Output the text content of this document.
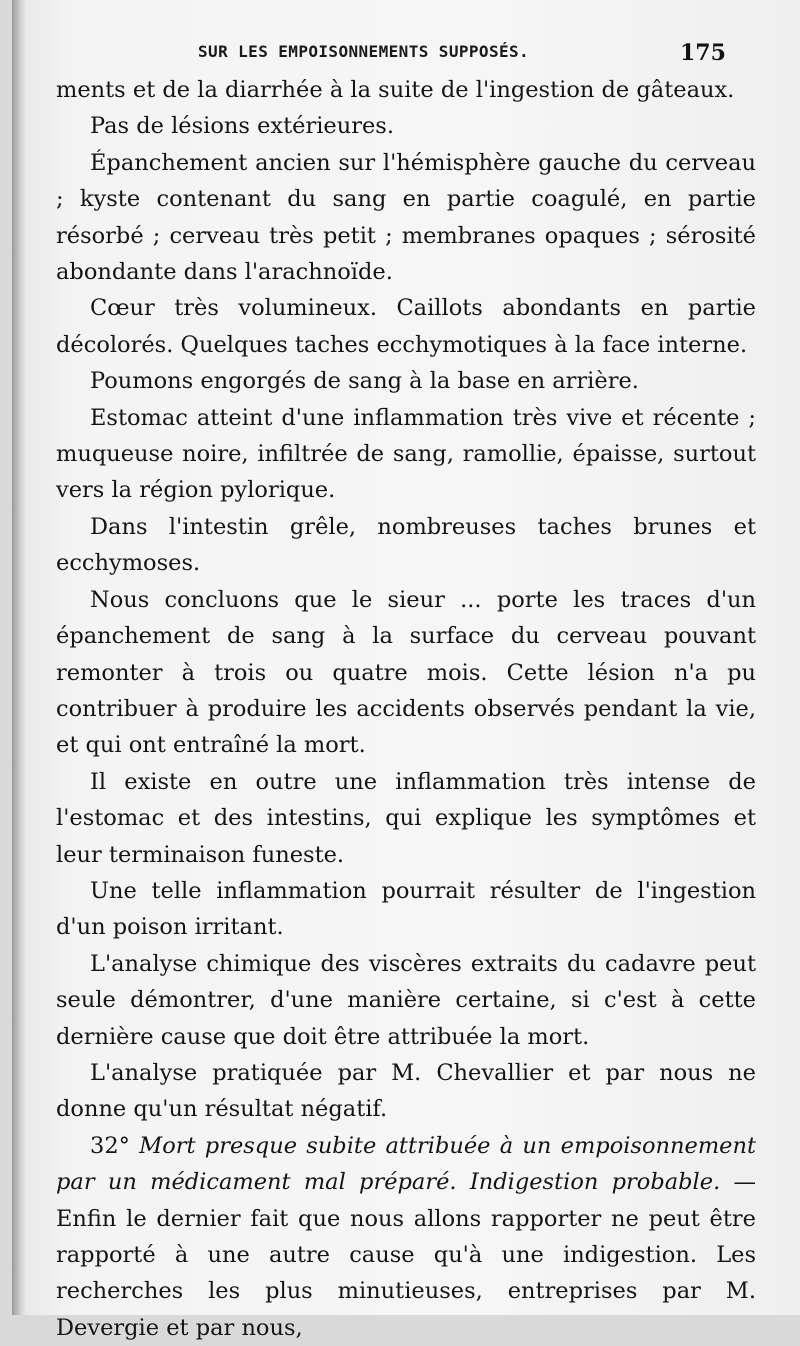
SUR LES EMPOISONNEMENTS SUPPOSÉS.	175

ments et de la diarrhée à la suite de l'ingestion de gâteaux.

Pas de lésions extérieures.

Épanchement ancien sur l'hémisphère gauche du cerveau ; kyste contenant du sang en partie coagulé, en partie résorbé ; cerveau très petit ; membranes opaques ; sérosité abondante dans l'arachnoïde.

Cœur très volumineux. Caillots abondants en partie décolorés. Quelques taches ecchymotiques à la face interne.

Poumons engorgés de sang à la base en arrière.

Estomac atteint d'une inflammation très vive et récente ; muqueuse noire, infiltrée de sang, ramollie, épaisse, surtout vers la région pylorique.

Dans l'intestin grêle, nombreuses taches brunes et ecchymoses.

Nous concluons que le sieur ... porte les traces d'un épanchement de sang à la surface du cerveau pouvant remonter à trois ou quatre mois. Cette lésion n'a pu contribuer à produire les accidents observés pendant la vie, et qui ont entraîné la mort.

Il existe en outre une inflammation très intense de l'estomac et des intestins, qui explique les symptômes et leur terminaison funeste.

Une telle inflammation pourrait résulter de l'ingestion d'un poison irritant.

L'analyse chimique des viscères extraits du cadavre peut seule démontrer, d'une manière certaine, si c'est à cette dernière cause que doit être attribuée la mort.

L'analyse pratiquée par M. Chevallier et par nous ne donne qu'un résultat négatif.

32° Mort presque subite attribuée à un empoisonnement par un médicament mal préparé. Indigestion probable. — Enfin le dernier fait que nous allons rapporter ne peut être rapporté à une autre cause qu'à une indigestion. Les recherches les plus minutieuses, entreprises par M. Devergie et par nous,
